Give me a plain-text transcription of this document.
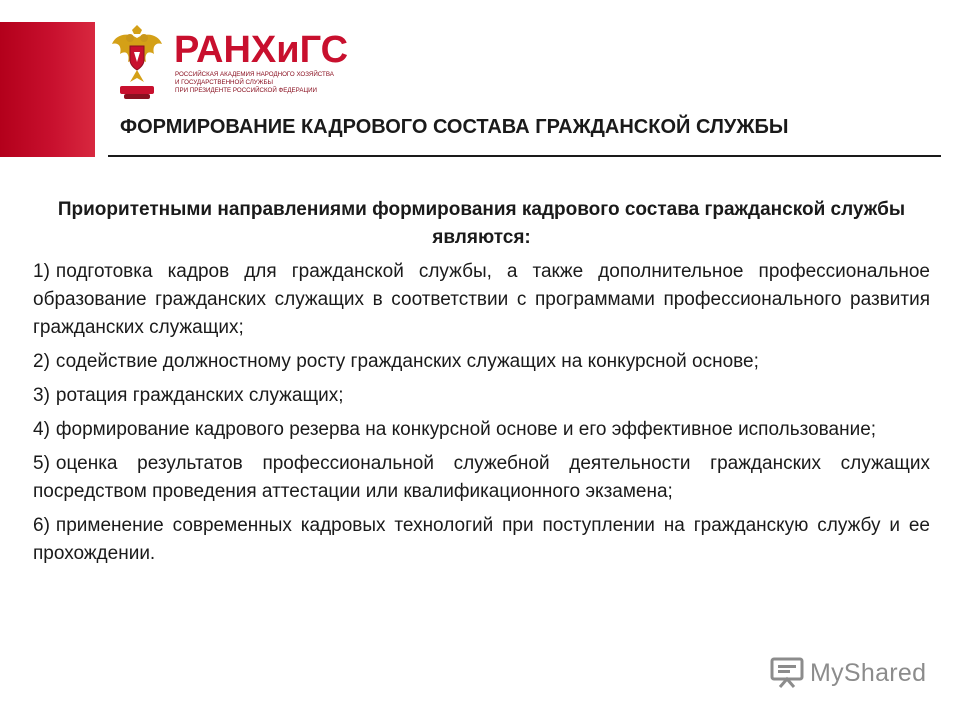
РАНХиГС
РОССИЙСКАЯ АКАДЕМИЯ НАРОДНОГО ХОЗЯЙСТВА
И ГОСУДАРСТВЕННОЙ СЛУЖБЫ
ПРИ ПРЕЗИДЕНТЕ РОССИЙСКОЙ ФЕДЕРАЦИИ
ФОРМИРОВАНИЕ КАДРОВОГО СОСТАВА ГРАЖДАНСКОЙ СЛУЖБЫ
Приоритетными направлениями формирования кадрового состава гражданской службы являются:
1) подготовка кадров для гражданской службы, а также дополнительное профессиональное образование гражданских служащих в соответствии с программами профессионального развития гражданских служащих;
2) содействие должностному росту гражданских служащих на конкурсной основе;
3) ротация гражданских служащих;
4) формирование кадрового резерва на конкурсной основе и его эффективное использование;
5) оценка результатов профессиональной служебной деятельности гражданских служащих посредством проведения аттестации или квалификационного экзамена;
6) применение современных кадровых технологий при поступлении на гражданскую службу и ее прохождении.
MyShared
